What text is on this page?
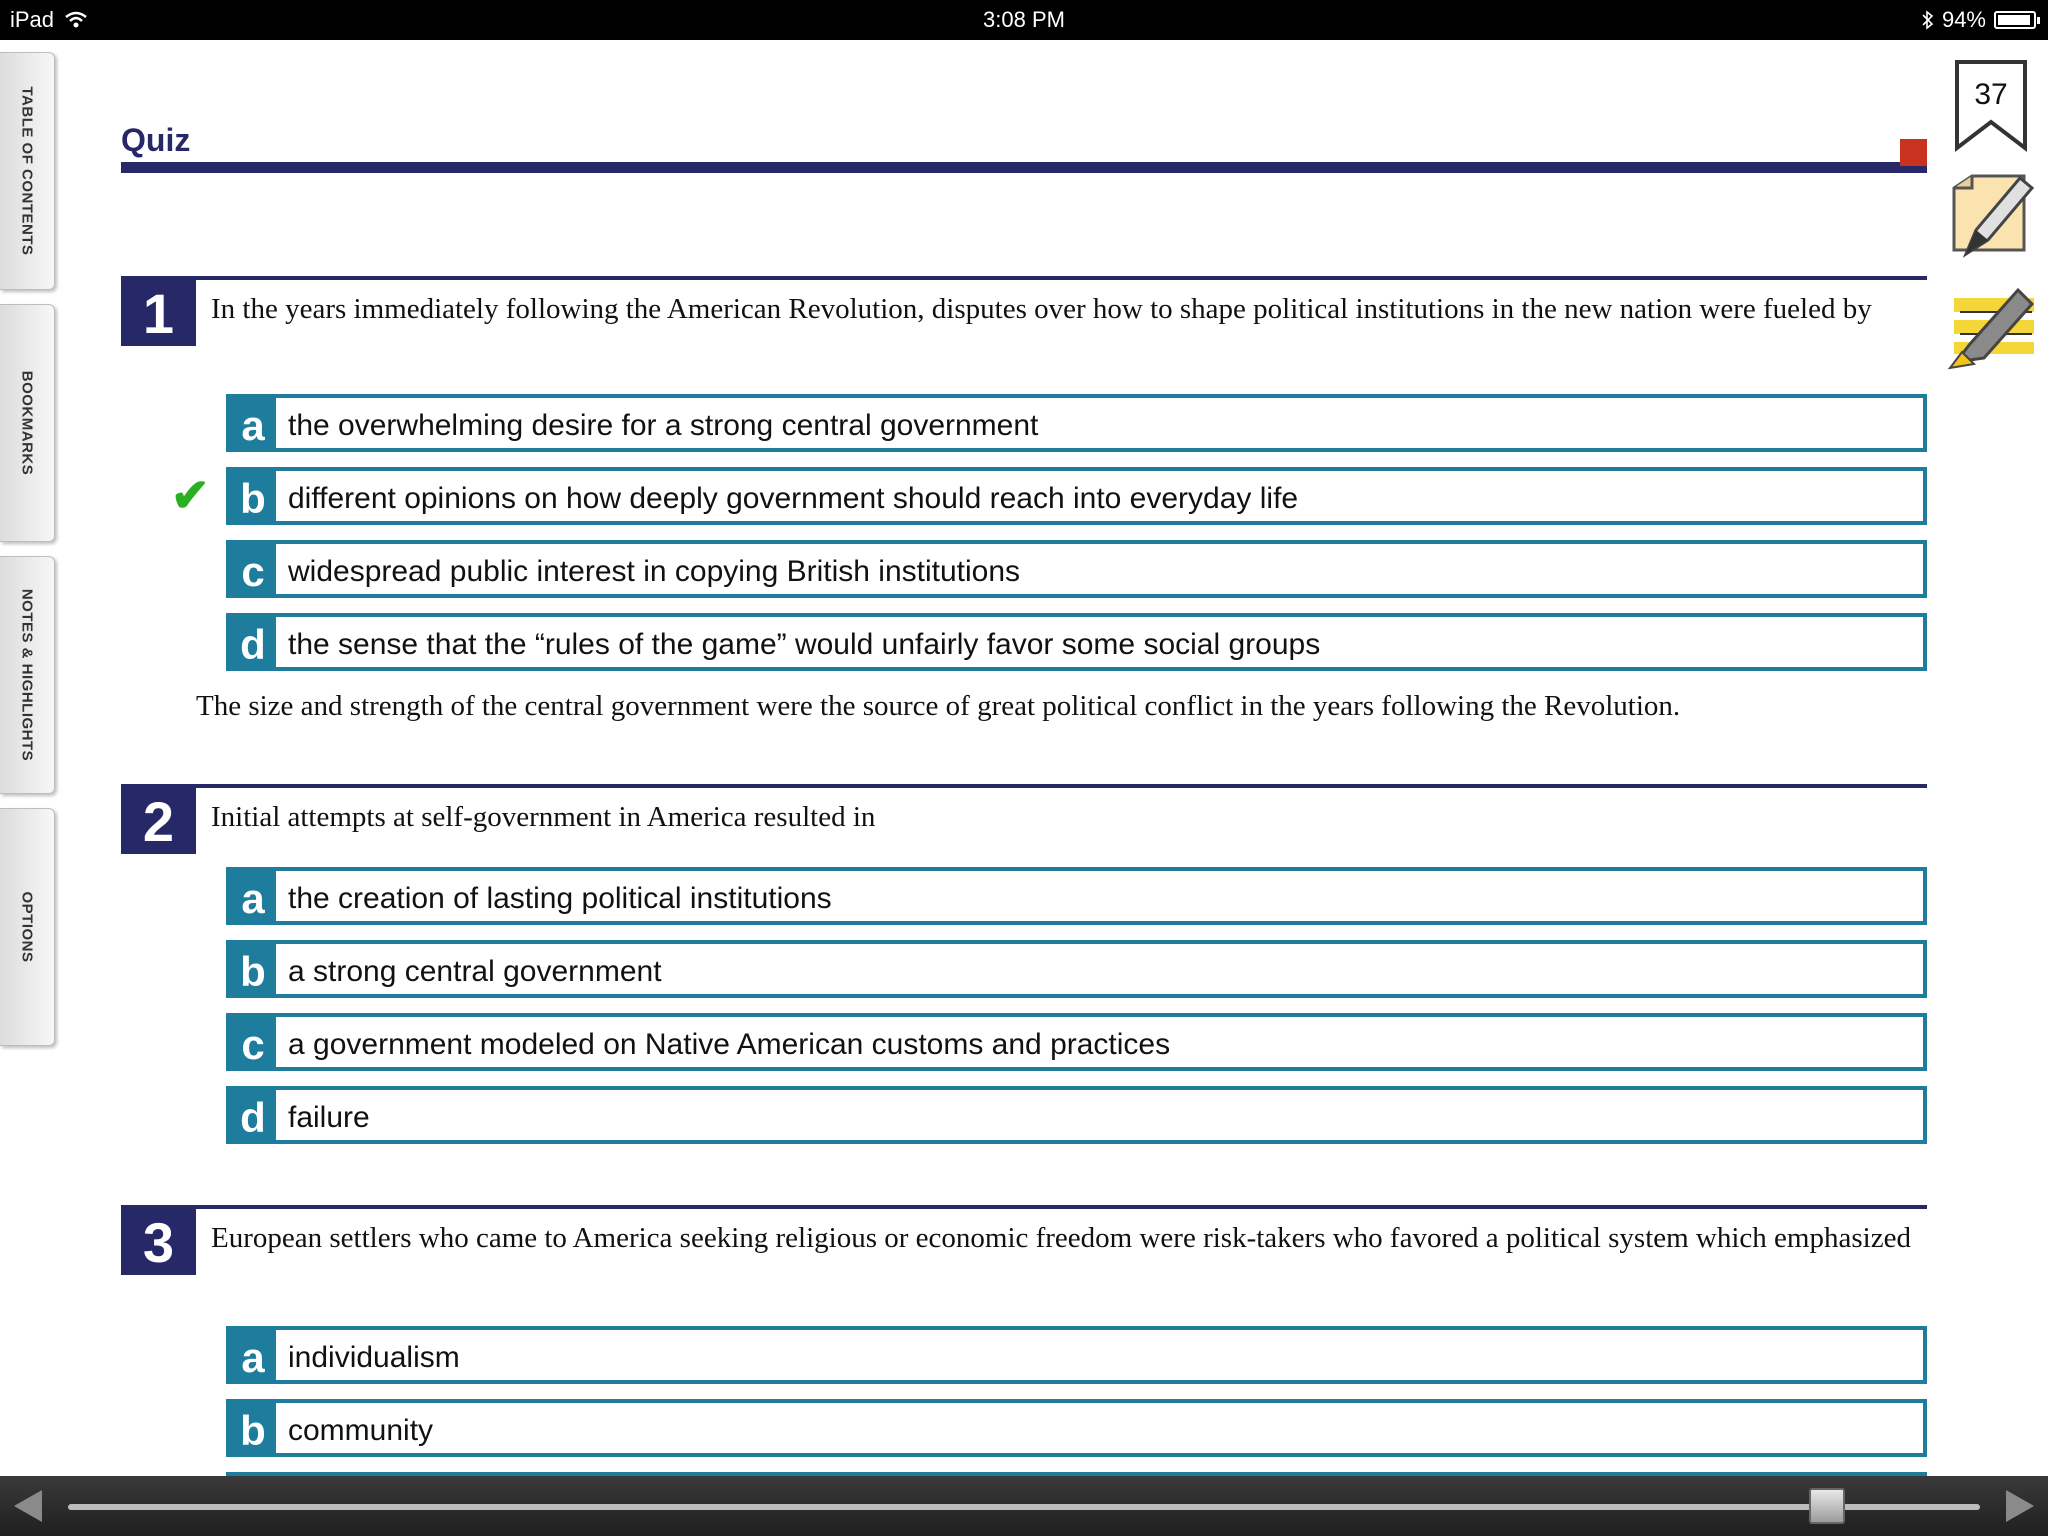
iPad	3:08 PM	94%
TABLE OF CONTENTS
BOOKMARKS
NOTES & HIGHLIGHTS
OPTIONS
37
Quiz
1	In the years immediately following the American Revolution, disputes over how to shape political institutions in the new nation were fueled by
a the overwhelming desire for a strong central government
✔ b different opinions on how deeply government should reach into everyday life
c widespread public interest in copying British institutions
d the sense that the “rules of the game” would unfairly favor some social groups
The size and strength of the central government were the source of great political conflict in the years following the Revolution.
2	Initial attempts at self-government in America resulted in
a the creation of lasting political institutions
b a strong central government
c a government modeled on Native American customs and practices
d failure
3	European settlers who came to America seeking religious or economic freedom were risk-takers who favored a political system which emphasized
a individualism
b community
